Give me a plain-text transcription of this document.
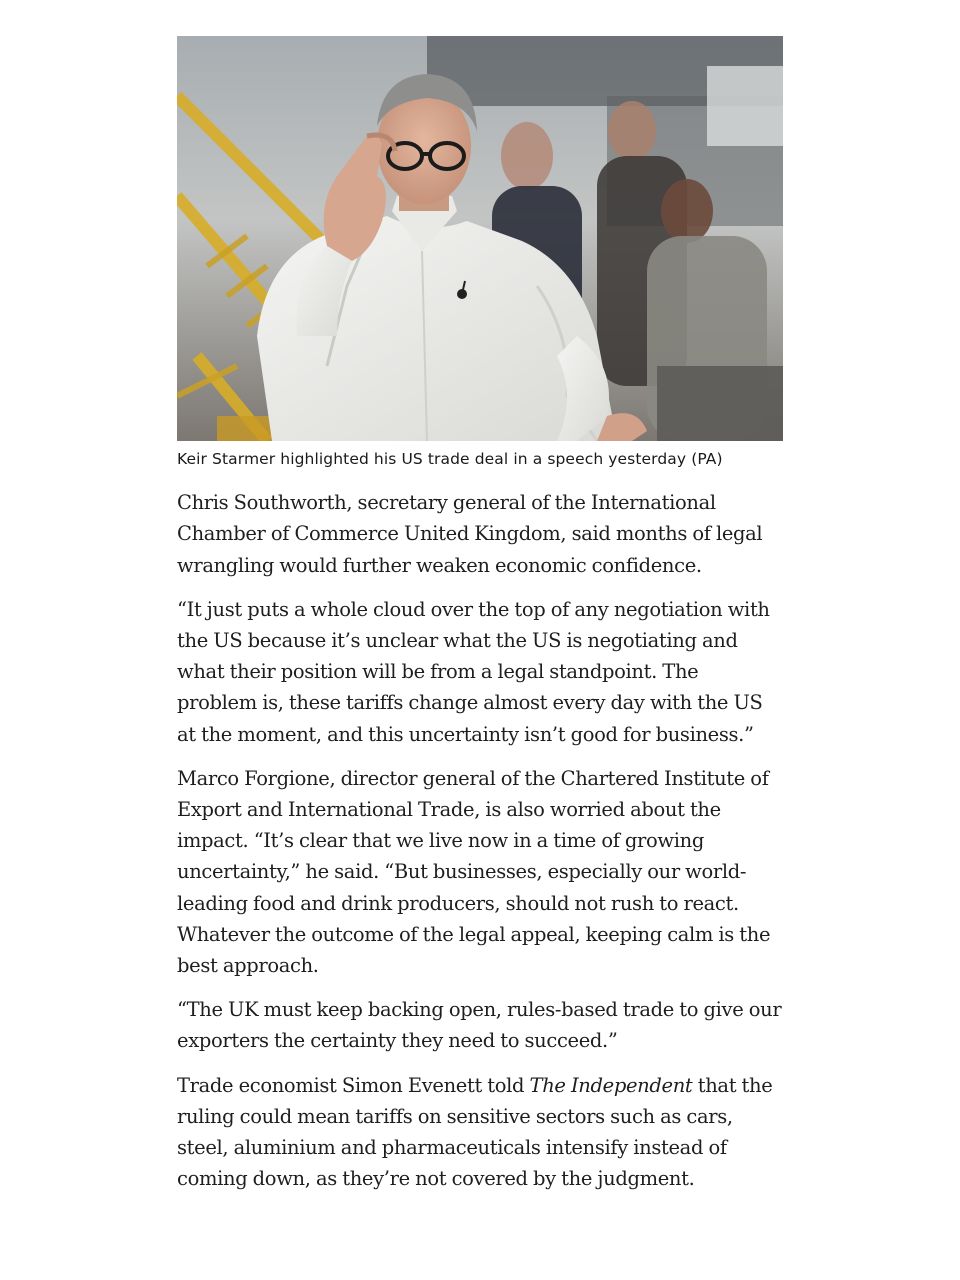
Keir Starmer highlighted his US trade deal in a speech yesterday (PA)

Chris Southworth, secretary general of the International Chamber of Commerce United Kingdom, said months of legal wrangling would further weaken economic confidence.

“It just puts a whole cloud over the top of any negotiation with the US because it’s unclear what the US is negotiating and what their position will be from a legal standpoint. The problem is, these tariffs change almost every day with the US at the moment, and this uncertainty isn’t good for business.”

Marco Forgione, director general of the Chartered Institute of Export and International Trade, is also worried about the impact. “It’s clear that we live now in a time of growing uncertainty,” he said. “But businesses, especially our world-leading food and drink producers, should not rush to react. Whatever the outcome of the legal appeal, keeping calm is the best approach.

“The UK must keep backing open, rules-based trade to give our exporters the certainty they need to succeed.”

Trade economist Simon Evenett told The Independent that the ruling could mean tariffs on sensitive sectors such as cars, steel, aluminium and pharmaceuticals intensify instead of coming down, as they’re not covered by the judgment.
